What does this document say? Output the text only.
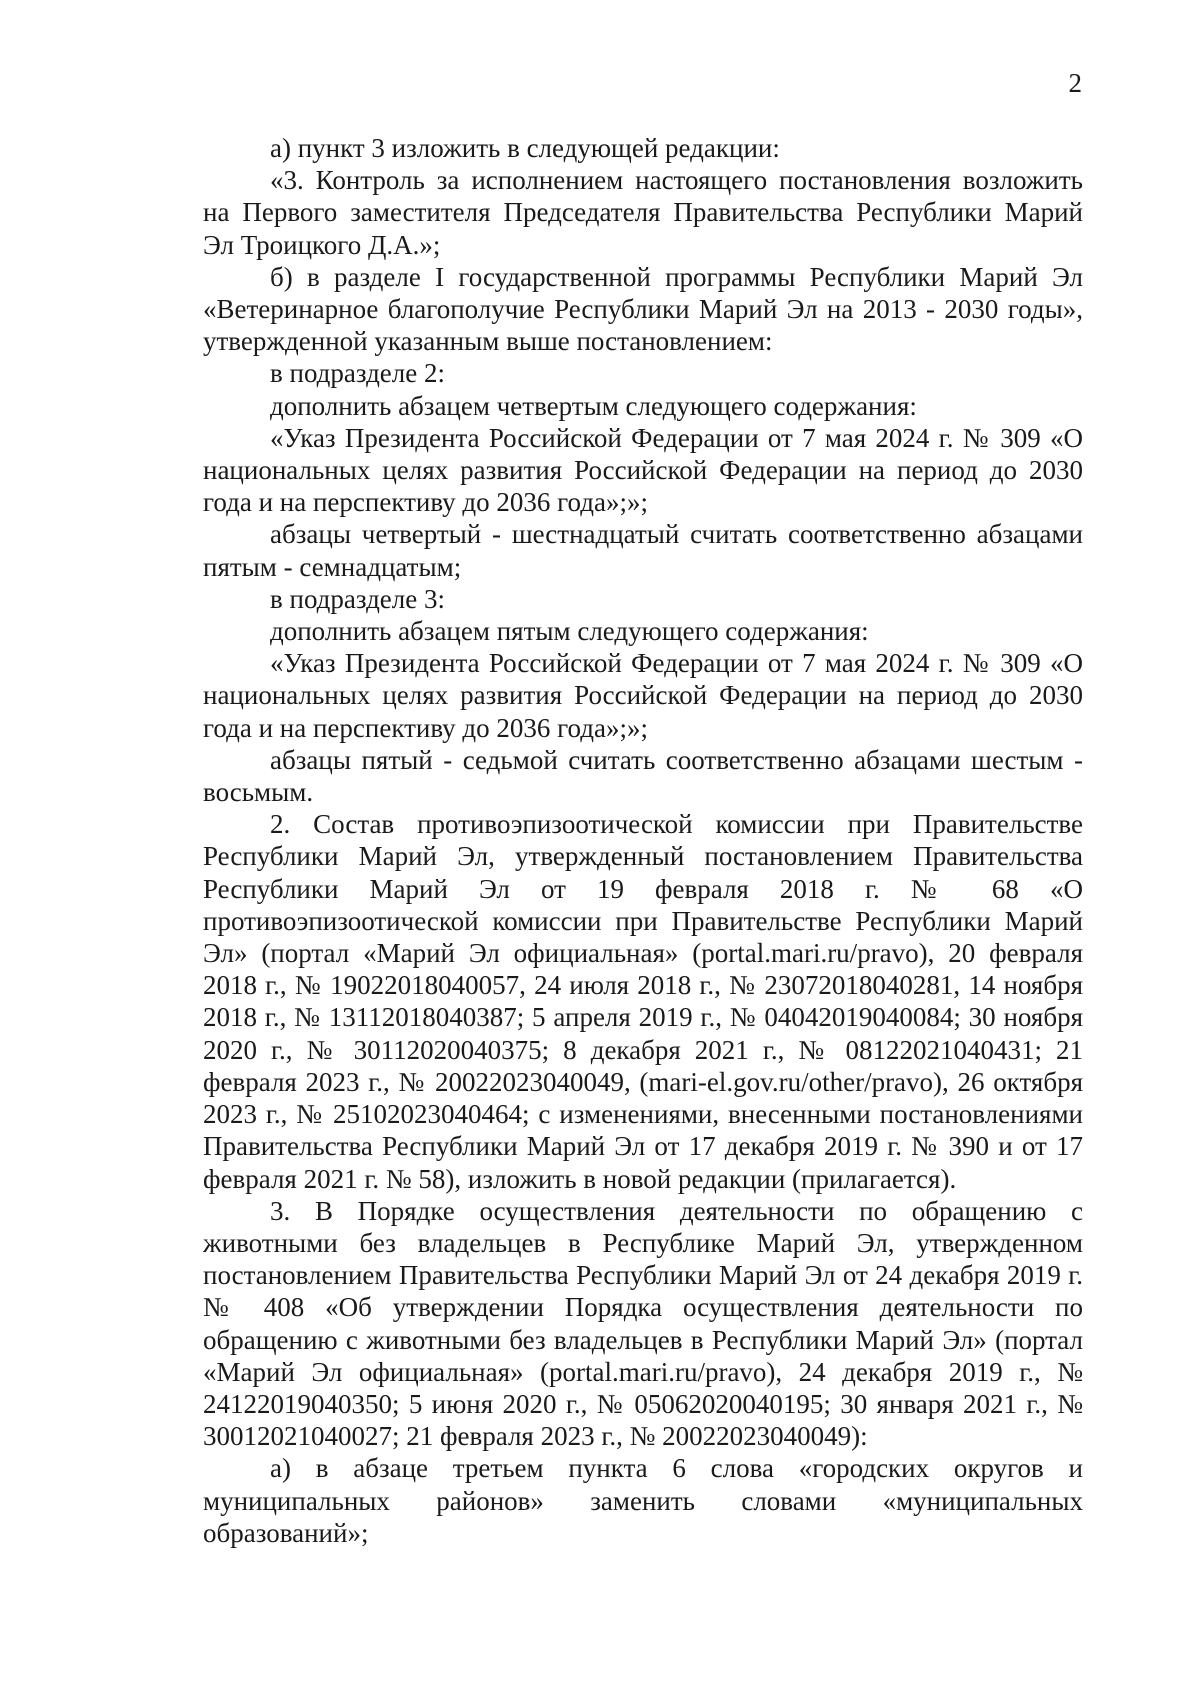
2

а) пункт 3 изложить в следующей редакции:

«3. Контроль за исполнением настоящего постановления возложить на Первого заместителя Председателя Правительства Республики Марий Эл Троицкого Д.А.»;

б) в разделе I государственной программы Республики Марий Эл «Ветеринарное благополучие Республики Марий Эл на 2013 - 2030 годы», утвержденной указанным выше постановлением:

в подразделе 2:

дополнить абзацем четвертым следующего содержания:

«Указ Президента Российской Федерации от 7 мая 2024 г. № 309 «О национальных целях развития Российской Федерации на период до 2030 года и на перспективу до 2036 года»;»;

абзацы четвертый - шестнадцатый считать соответственно абзацами пятым - семнадцатым;

в подразделе 3:

дополнить абзацем пятым следующего содержания:

«Указ Президента Российской Федерации от 7 мая 2024 г. № 309 «О национальных целях развития Российской Федерации на период до 2030 года и на перспективу до 2036 года»;»;

абзацы пятый - седьмой считать соответственно абзацами шестым - восьмым.

2. Состав противоэпизоотической комиссии при Правительстве Республики Марий Эл, утвержденный постановлением Правительства Республики Марий Эл от 19 февраля 2018 г. № 68 «О противоэпизоотической комиссии при Правительстве Республики Марий Эл» (портал «Марий Эл официальная» (portal.mari.ru/pravo), 20 февраля 2018 г., № 19022018040057, 24 июля 2018 г., № 23072018040281, 14 ноября 2018 г., № 13112018040387; 5 апреля 2019 г., № 04042019040084; 30 ноября 2020 г., № 30112020040375; 8 декабря 2021 г., № 08122021040431; 21 февраля 2023 г., № 20022023040049, (mari-el.gov.ru/other/pravo), 26 октября 2023 г., № 25102023040464; с изменениями, внесенными постановлениями Правительства Республики Марий Эл от 17 декабря 2019 г. № 390 и от 17 февраля 2021 г. № 58), изложить в новой редакции (прилагается).

3. В Порядке осуществления деятельности по обращению с животными без владельцев в Республике Марий Эл, утвержденном постановлением Правительства Республики Марий Эл от 24 декабря 2019 г. № 408 «Об утверждении Порядка осуществления деятельности по обращению с животными без владельцев в Республики Марий Эл» (портал «Марий Эл официальная» (portal.mari.ru/pravo), 24 декабря 2019 г., № 24122019040350; 5 июня 2020 г., № 05062020040195; 30 января 2021 г., № 30012021040027; 21 февраля 2023 г., № 20022023040049):

а) в абзаце третьем пункта 6 слова «городских округов и муниципальных районов» заменить словами «муниципальных образований»;
